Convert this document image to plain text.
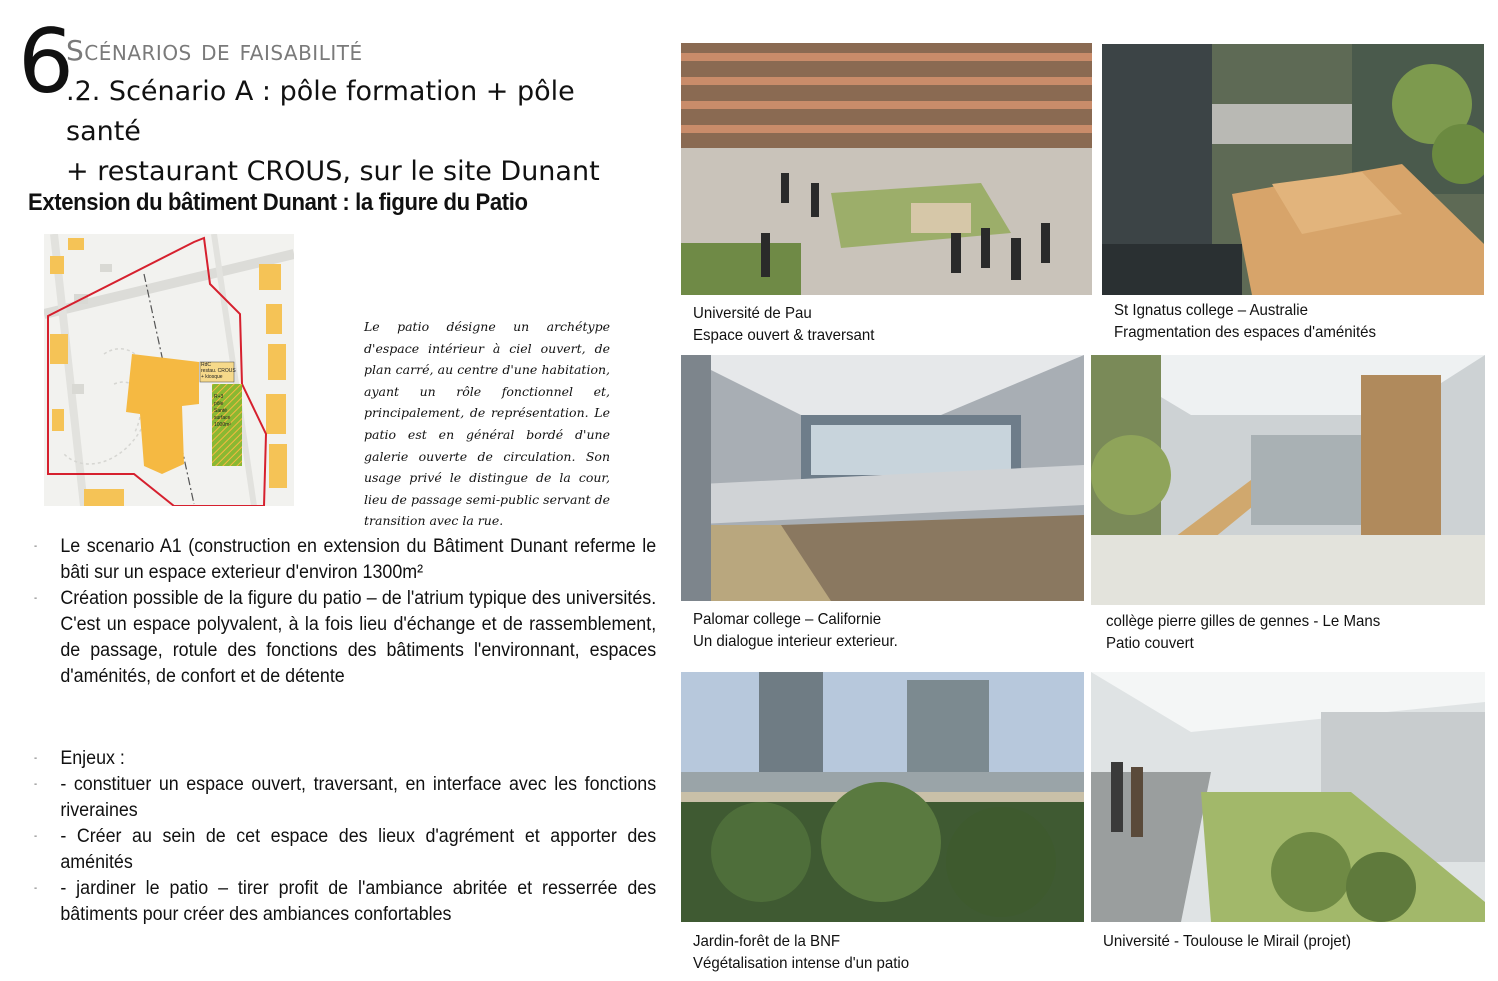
6
Scénarios de faisabilité
.2. Scénario A : pôle formation + pôle santé
+ restaurant CROUS, sur le site Dunant
Extension du bâtiment Dunant : la figure du Patio
RdC
restau. CROUS
+ kiosque
R+3
pôle
Santé
surface
1000m²
Le patio désigne un archétype d'espace intérieur à ciel ouvert, de plan carré, au centre d'une habitation, ayant un rôle fonctionnel et, principalement, de représentation. Le patio est en général bordé d'une galerie ouverte de circulation. Son usage privé le distingue de la cour, lieu de passage semi-public servant de transition avec la rue.
- Le scenario A1 (construction en extension du Bâtiment Dunant referme le bâti sur un espace exterieur d'environ 1300m²
- Création possible de la figure du patio – de l'atrium typique des universités. C'est un espace polyvalent, à la fois lieu d'échange et de rassemblement, de passage, rotule des fonctions des bâtiments l'environnant, espaces d'aménités, de confort et de détente
- Enjeux :
- - constituer un espace ouvert, traversant, en interface avec les fonctions riveraines
- - Créer au sein de cet espace des lieux d'agrément et apporter des aménités
- - jardiner le patio – tirer profit de l'ambiance abritée et resserrée des bâtiments pour créer des ambiances confortables
Université de Pau
Espace ouvert & traversant
St Ignatus college – Australie
Fragmentation des espaces d'aménités
Palomar college – Californie
Un dialogue interieur exterieur.
collège pierre gilles de gennes - Le Mans
Patio couvert
Jardin-forêt de la BNF
Végétalisation intense d'un patio
Université - Toulouse le Mirail (projet)
